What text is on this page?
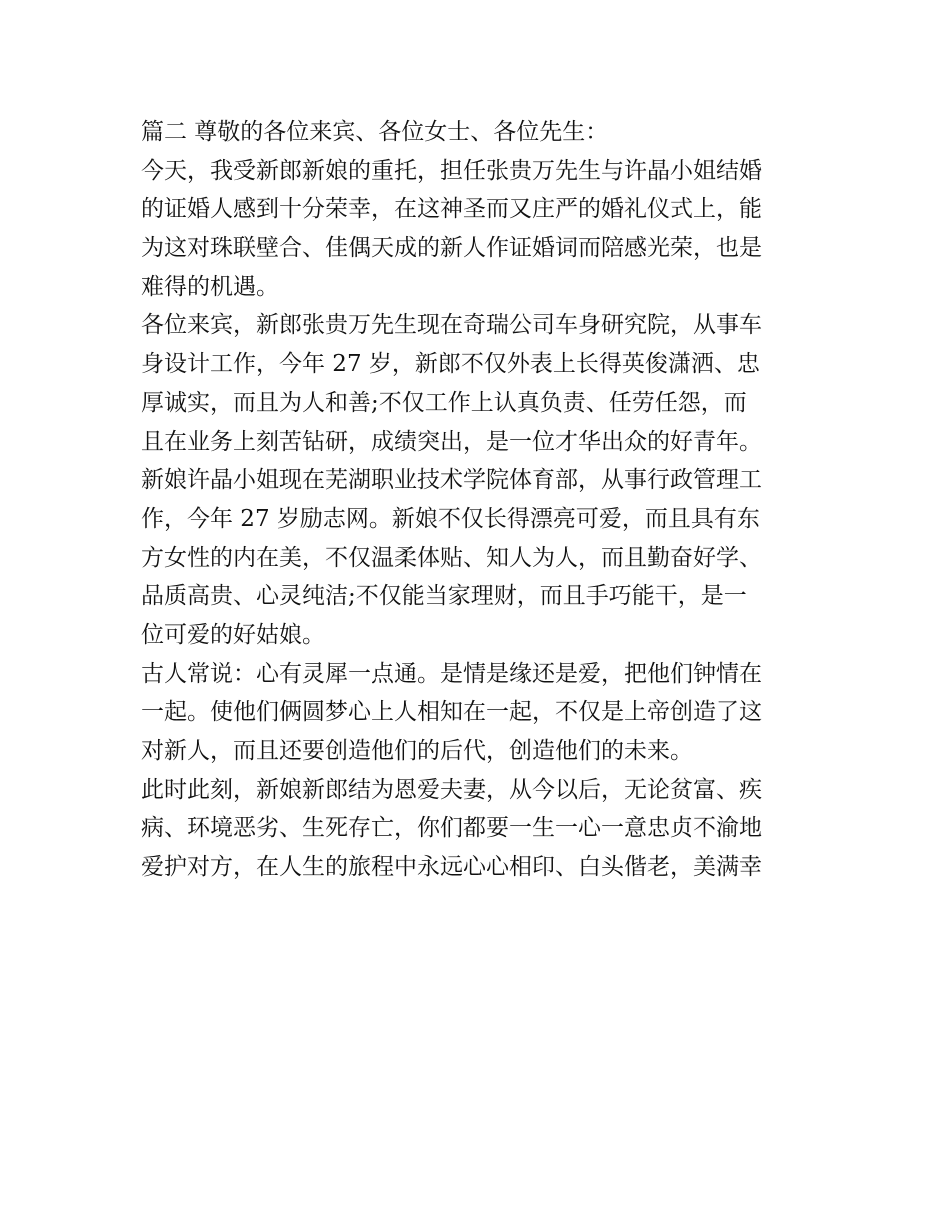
篇二 尊敬的各位来宾、各位女士、各位先生：
今天，我受新郎新娘的重托，担任张贵万先生与许晶小姐结婚
的证婚人感到十分荣幸，在这神圣而又庄严的婚礼仪式上，能
为这对珠联壁合、佳偶天成的新人作证婚词而陪感光荣，也是
难得的机遇。
各位来宾，新郎张贵万先生现在奇瑞公司车身研究院，从事车
身设计工作，今年 27 岁，新郎不仅外表上长得英俊潇洒、忠
厚诚实，而且为人和善;不仅工作上认真负责、任劳任怨，而
且在业务上刻苦钻研，成绩突出，是一位才华出众的好青年。
新娘许晶小姐现在芜湖职业技术学院体育部，从事行政管理工
作，今年 27 岁励志网。新娘不仅长得漂亮可爱，而且具有东
方女性的内在美，不仅温柔体贴、知人为人，而且勤奋好学、
品质高贵、心灵纯洁;不仅能当家理财，而且手巧能干，是一
位可爱的好姑娘。
古人常说：心有灵犀一点通。是情是缘还是爱，把他们钟情在
一起。使他们俩圆梦心上人相知在一起，不仅是上帝创造了这
对新人，而且还要创造他们的后代，创造他们的未来。
此时此刻，新娘新郎结为恩爱夫妻，从今以后，无论贫富、疾
病、环境恶劣、生死存亡，你们都要一生一心一意忠贞不渝地
爱护对方，在人生的旅程中永远心心相印、白头偕老，美满幸
